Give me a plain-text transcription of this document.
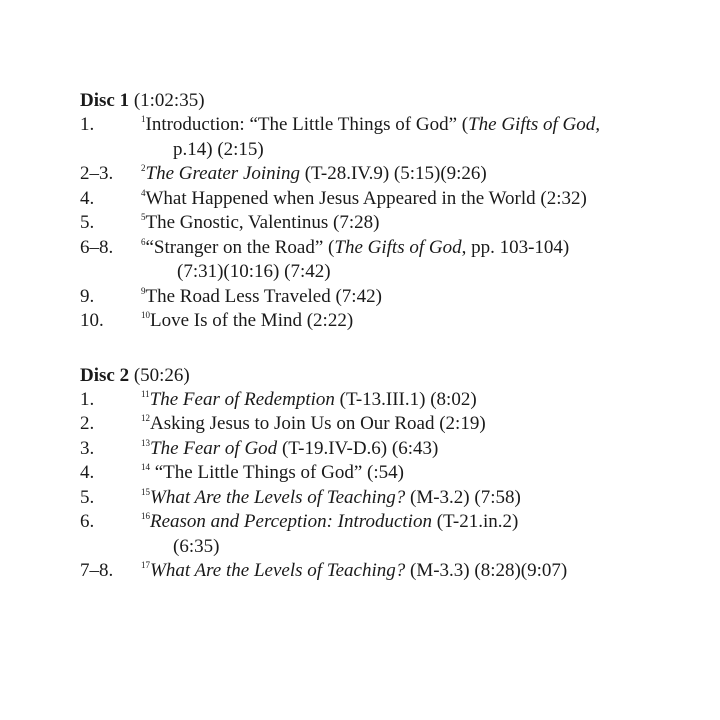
Disc 1 (1:02:35)
1.	$^1$Introduction: “The Little Things of God” (The Gifts of God,
p.14) (2:15)
2–3.	$^2$The Greater Joining (T-28.IV.9) (5:15)(9:26)
4.	$^4$What Happened when Jesus Appeared in the World (2:32)
5.	$^5$The Gnostic, Valentinus (7:28)
6–8.	$^6$“Stranger on the Road” (The Gifts of God, pp. 103-104)
(7:31)(10:16) (7:42)
9.	$^9$The Road Less Traveled (7:42)
10.	$^{10}$Love Is of the Mind (2:22)
Disc 2 (50:26)
1.	$^{11}$The Fear of Redemption (T-13.III.1) (8:02)
2.	$^{12}$Asking Jesus to Join Us on Our Road (2:19)
3.	$^{13}$The Fear of God (T-19.IV-D.6) (6:43)
4.	$^{14}$ “The Little Things of God” (:54)
5.	$^{15}$What Are the Levels of Teaching? (M-3.2) (7:58)
6.	$^{16}$Reason and Perception: Introduction (T-21.in.2)
(6:35)
7–8.	$^{17}$What Are the Levels of Teaching? (M-3.3) (8:28)(9:07)
